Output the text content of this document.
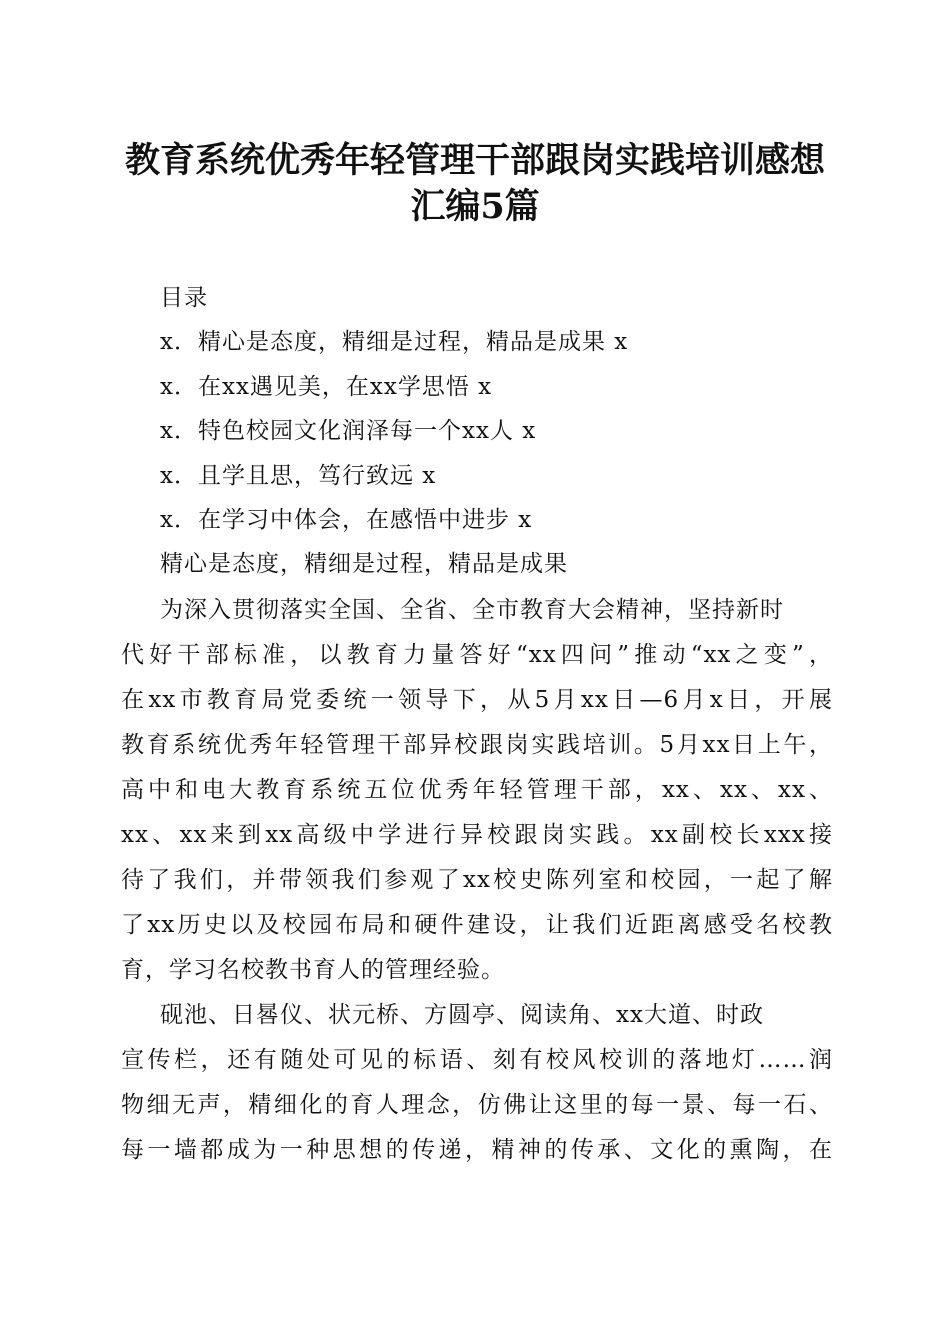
教育系统优秀年轻管理干部跟岗实践培训感想
汇编5篇
目录
x．精心是态度，精细是过程，精品是成果 x
x．在xx遇见美，在xx学思悟 x
x．特色校园文化润泽每一个xx人 x
x．且学且思，笃行致远 x
x．在学习中体会，在感悟中进步 x
精心是态度，精细是过程，精品是成果
为深入贯彻落实全国、全省、全市教育大会精神，坚持新时
代好干部标准，以教育力量答好“xx四问”推动“xx之变”，
在xx市教育局党委统一领导下，从5月xx日—6月x日，开展
教育系统优秀年轻管理干部异校跟岗实践培训。5月xx日上午，
高中和电大教育系统五位优秀年轻管理干部，xx、xx、xx、
xx、xx来到xx高级中学进行异校跟岗实践。xx副校长xxx接
待了我们，并带领我们参观了xx校史陈列室和校园，一起了解
了xx历史以及校园布局和硬件建设，让我们近距离感受名校教
育，学习名校教书育人的管理经验。
砚池、日晷仪、状元桥、方圆亭、阅读角、xx大道、时政
宣传栏，还有随处可见的标语、刻有校风校训的落地灯……润
物细无声，精细化的育人理念，仿佛让这里的每一景、每一石、
每一墙都成为一种思想的传递，精神的传承、文化的熏陶，在
